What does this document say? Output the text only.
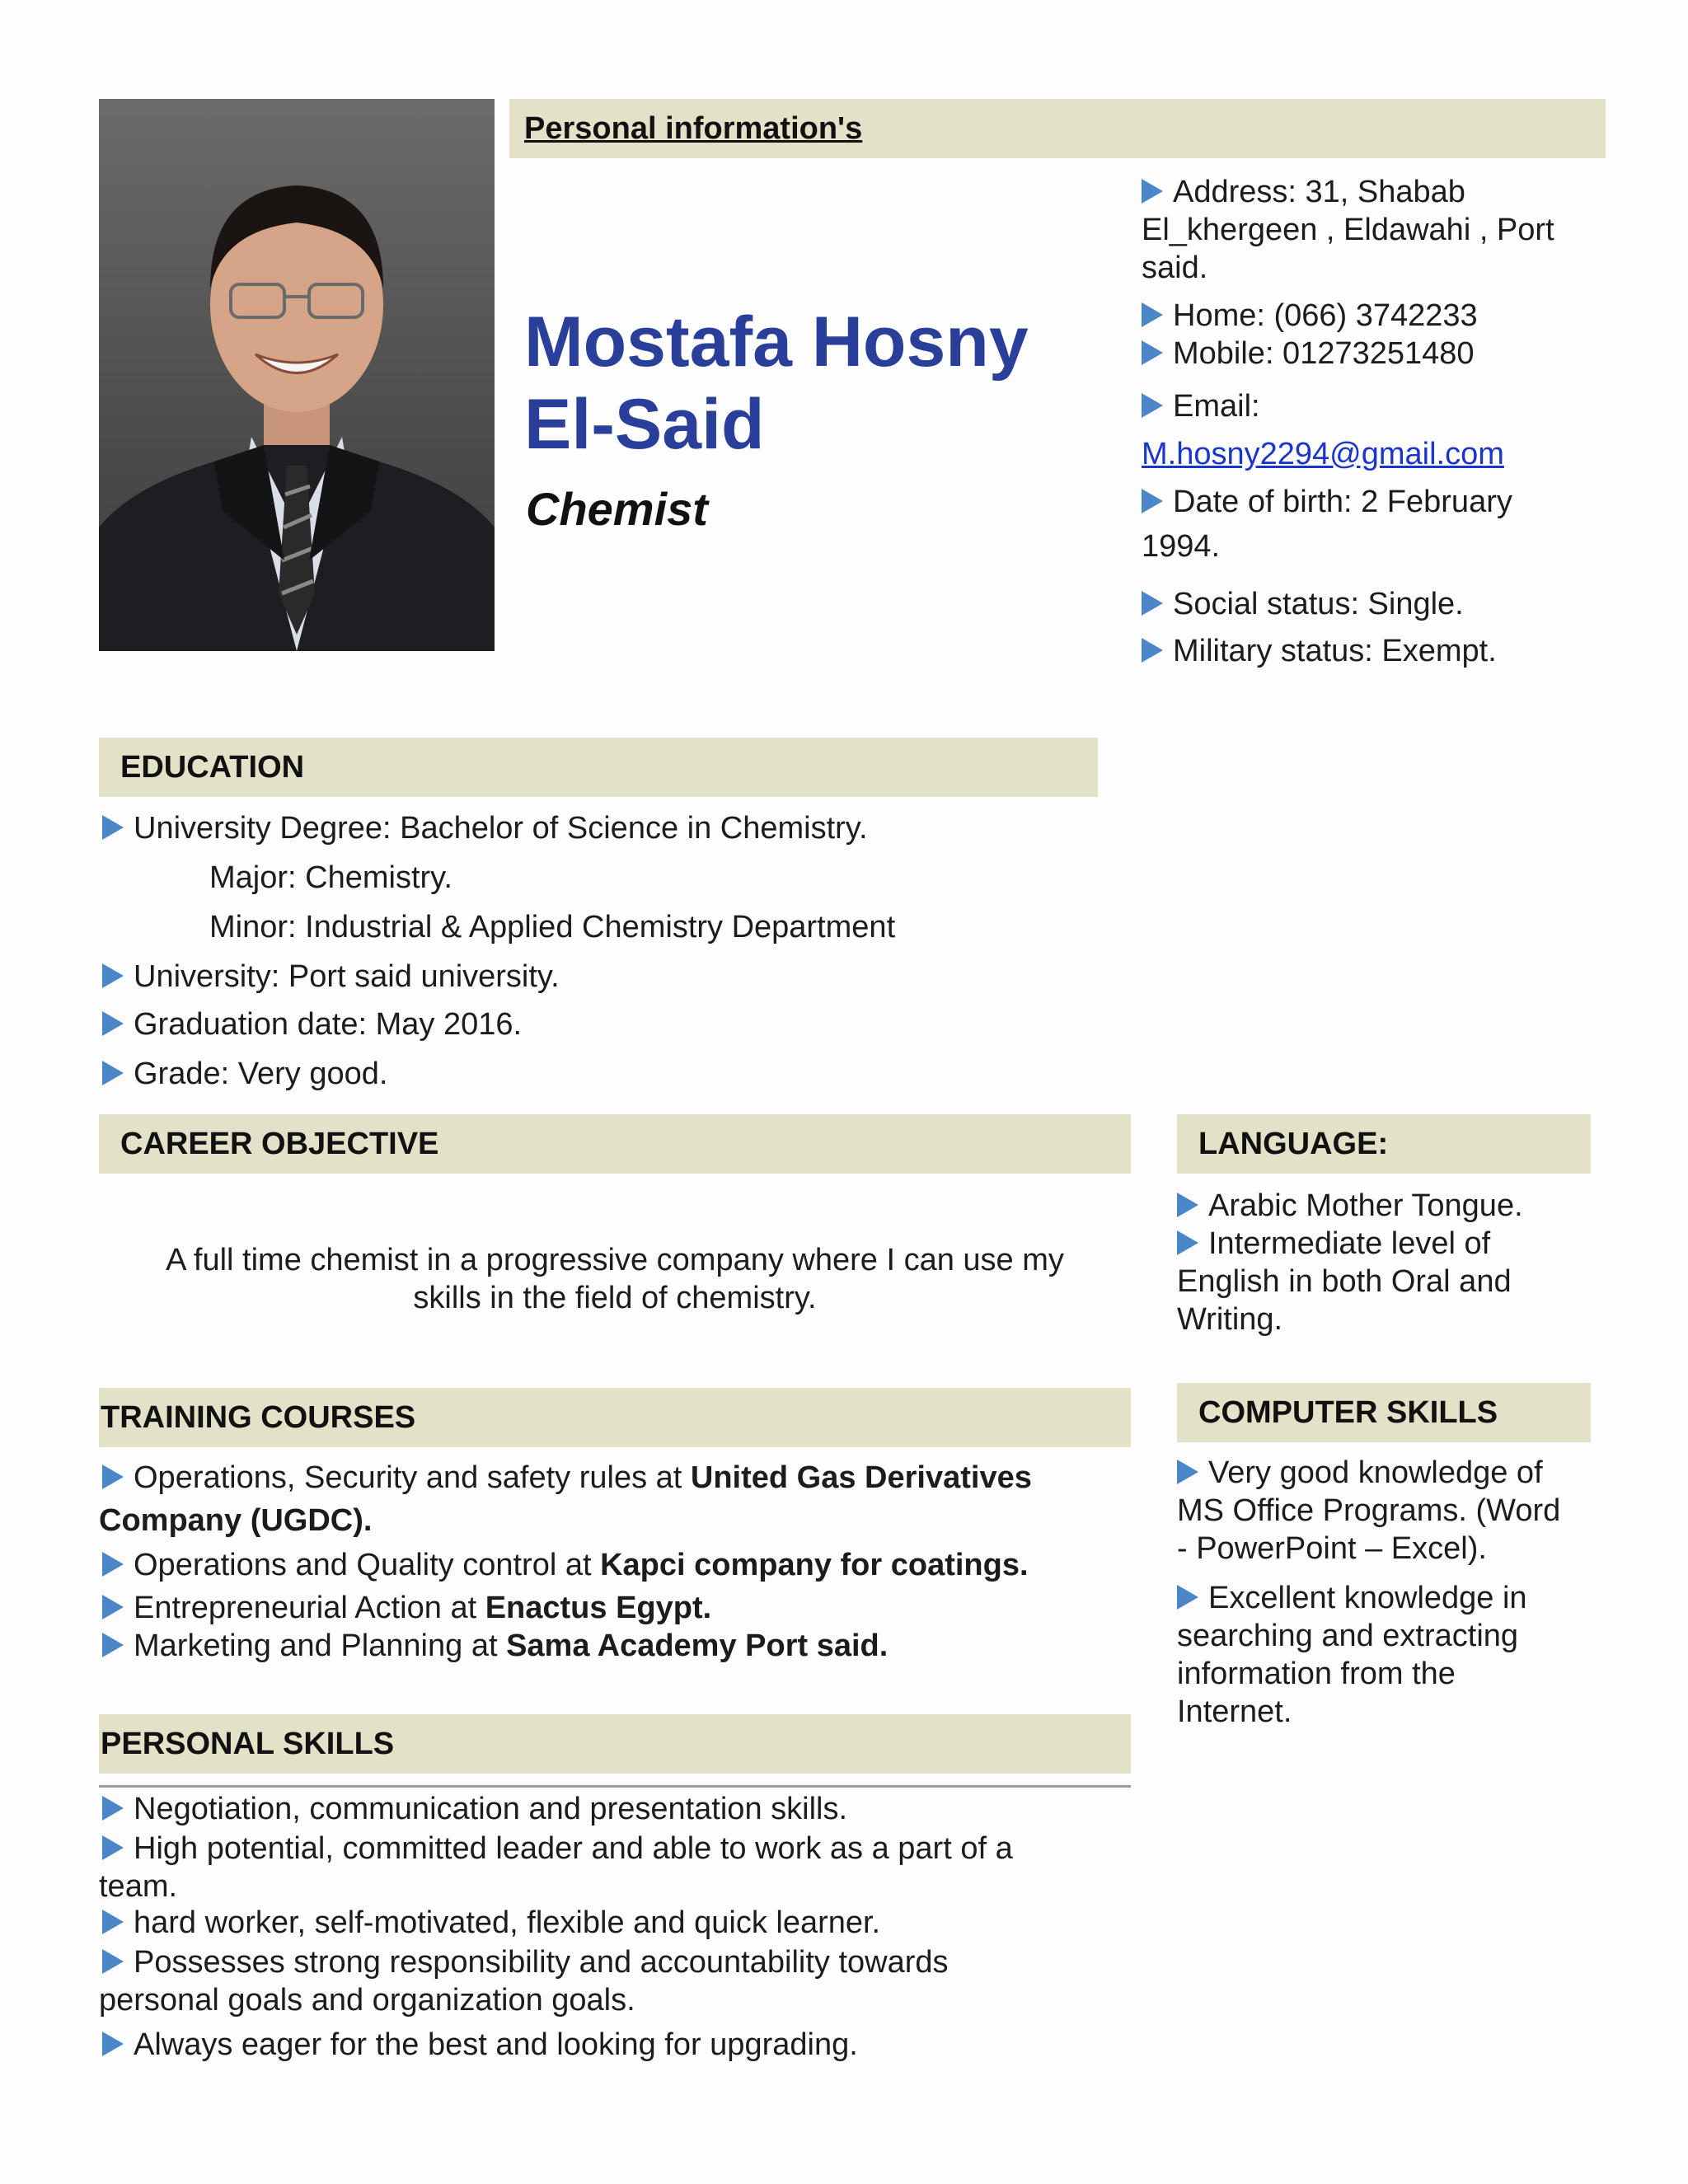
Personal information's
Mostafa Hosny
El-Said
Chemist
Address: 31, Shabab
El_khergeen , Eldawahi , Port
said.
Home: (066) 3742233
Mobile: 01273251480
Email:
M.hosny2294@gmail.com
Date of birth: 2 February
1994.
Social status: Single.
Military status: Exempt.
EDUCATION
University Degree: Bachelor of Science in Chemistry.
Major: Chemistry.
Minor: Industrial & Applied Chemistry Department
University: Port said university.
Graduation date: May 2016.
Grade: Very good.
CAREER OBJECTIVE
A full time chemist in a progressive company where I can use my
skills in the field of chemistry.
LANGUAGE:
Arabic Mother Tongue.
Intermediate level of
English in both Oral and
Writing.
TRAINING COURSES
Operations, Security and safety rules at United Gas Derivatives
Company (UGDC).
Operations and Quality control at Kapci company for coatings.
Entrepreneurial Action at Enactus Egypt.
Marketing and Planning at Sama Academy Port said.
COMPUTER SKILLS
Very good knowledge of
MS Office Programs. (Word
- PowerPoint – Excel).
Excellent knowledge in
searching and extracting
information from the
Internet.
PERSONAL SKILLS
Negotiation, communication and presentation skills.
High potential, committed leader and able to work as a part of a
team.
hard worker, self-motivated, flexible and quick learner.
Possesses strong responsibility and accountability towards
personal goals and organization goals.
Always eager for the best and looking for upgrading.
